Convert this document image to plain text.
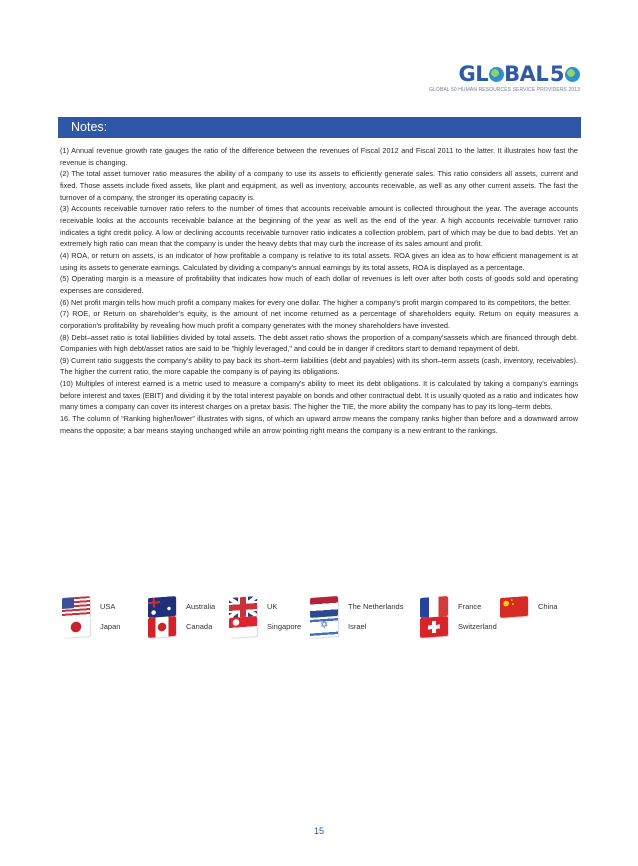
GL BAL 5
GLOBAL 50 HUMAN RESOURCES SERVICE PROVIDERS 2013
Notes:

(1) Annual revenue growth rate gauges the ratio of the difference between the revenues of Fiscal 2012 and Fiscal 2011 to the latter. It illustrates how fast the revenue is changing.

(2) The total asset turnover ratio measures the ability of a company to use its assets to efficiently generate sales. This ratio considers all assets, current and fixed. Those assets include fixed assets, like plant and equipment, as well as inventory, accounts receivable, as well as any other current assets. The fast the turnover of a company, the stronger its operating capacity is.

(3) Accounts receivable turnover ratio refers to the number of times that accounts receivable amount is collected throughout the year. The average accounts receivable looks at the accounts receivable balance at the beginning of the year as well as the end of the year. A high accounts receivable turnover ratio indicates a tight credit policy. A low or declining accounts receivable turnover ratio indicates a collection problem, part of which may be due to bad debts. Yet an extremely high ratio can mean that the company is under the heavy debts that may curb the increase of its sales amount and profit.

(4) ROA, or return on assets, is an indicator of how profitable a company is relative to its total assets. ROA gives an idea as to how efficient management is at using its assets to generate earnings. Calculated by dividing a company's annual earnings by its total assets, ROA is displayed as a percentage.

(5) Operating margin is a measure of profitability that indicates how much of each dollar of revenues is left over after both costs of goods sold and operating expenses are considered.

(6) Net profit margin tells how much profit a company makes for every one dollar. The higher a company's profit margin compared to its competitors, the better.

(7) ROE, or Return on shareholder’s equity, is the amount of net income returned as a percentage of shareholders equity. Return on equity measures a corporation's profitability by revealing how much profit a company generates with the money shareholders have invested.

(8) Debt–asset ratio is total liabilities divided by total assets. The debt asset ratio shows the proportion of a company'sassets which are financed through debt. Companies with high debt/asset ratios are said to be "highly leveraged," and could be in danger if creditors start to demand repayment of debt.

(9) Current ratio suggests the company's ability to pay back its short–term liabilities (debt and payables) with its short–term assets (cash, inventory, receivables). The higher the current ratio, the more capable the company is of paying its obligations.

(10) Multiples of interest earned is a metric used to measure a company's ability to meet its debt obligations. It is calculated by taking a company's earnings before interest and taxes (EBIT) and dividing it by the total interest payable on bonds and other contractual debt. It is usually quoted as a ratio and indicates how many times a company can cover its interest charges on a pretax basis. The higher the TIE, the more ability the company has to pay its long–term debts.

16. The column of “Ranking higher/lower” illustrates with signs, of which an upward arrow means the company ranks higher than before and a downward arrow means the opposite; a bar means staying unchanged while an arrow pointing right means the company is a new entrant to the rankings.

USA	Australia	UK	The Netherlands	France	China
Japan	Canada	Singapore ✡	Israel	Switzerland
15
